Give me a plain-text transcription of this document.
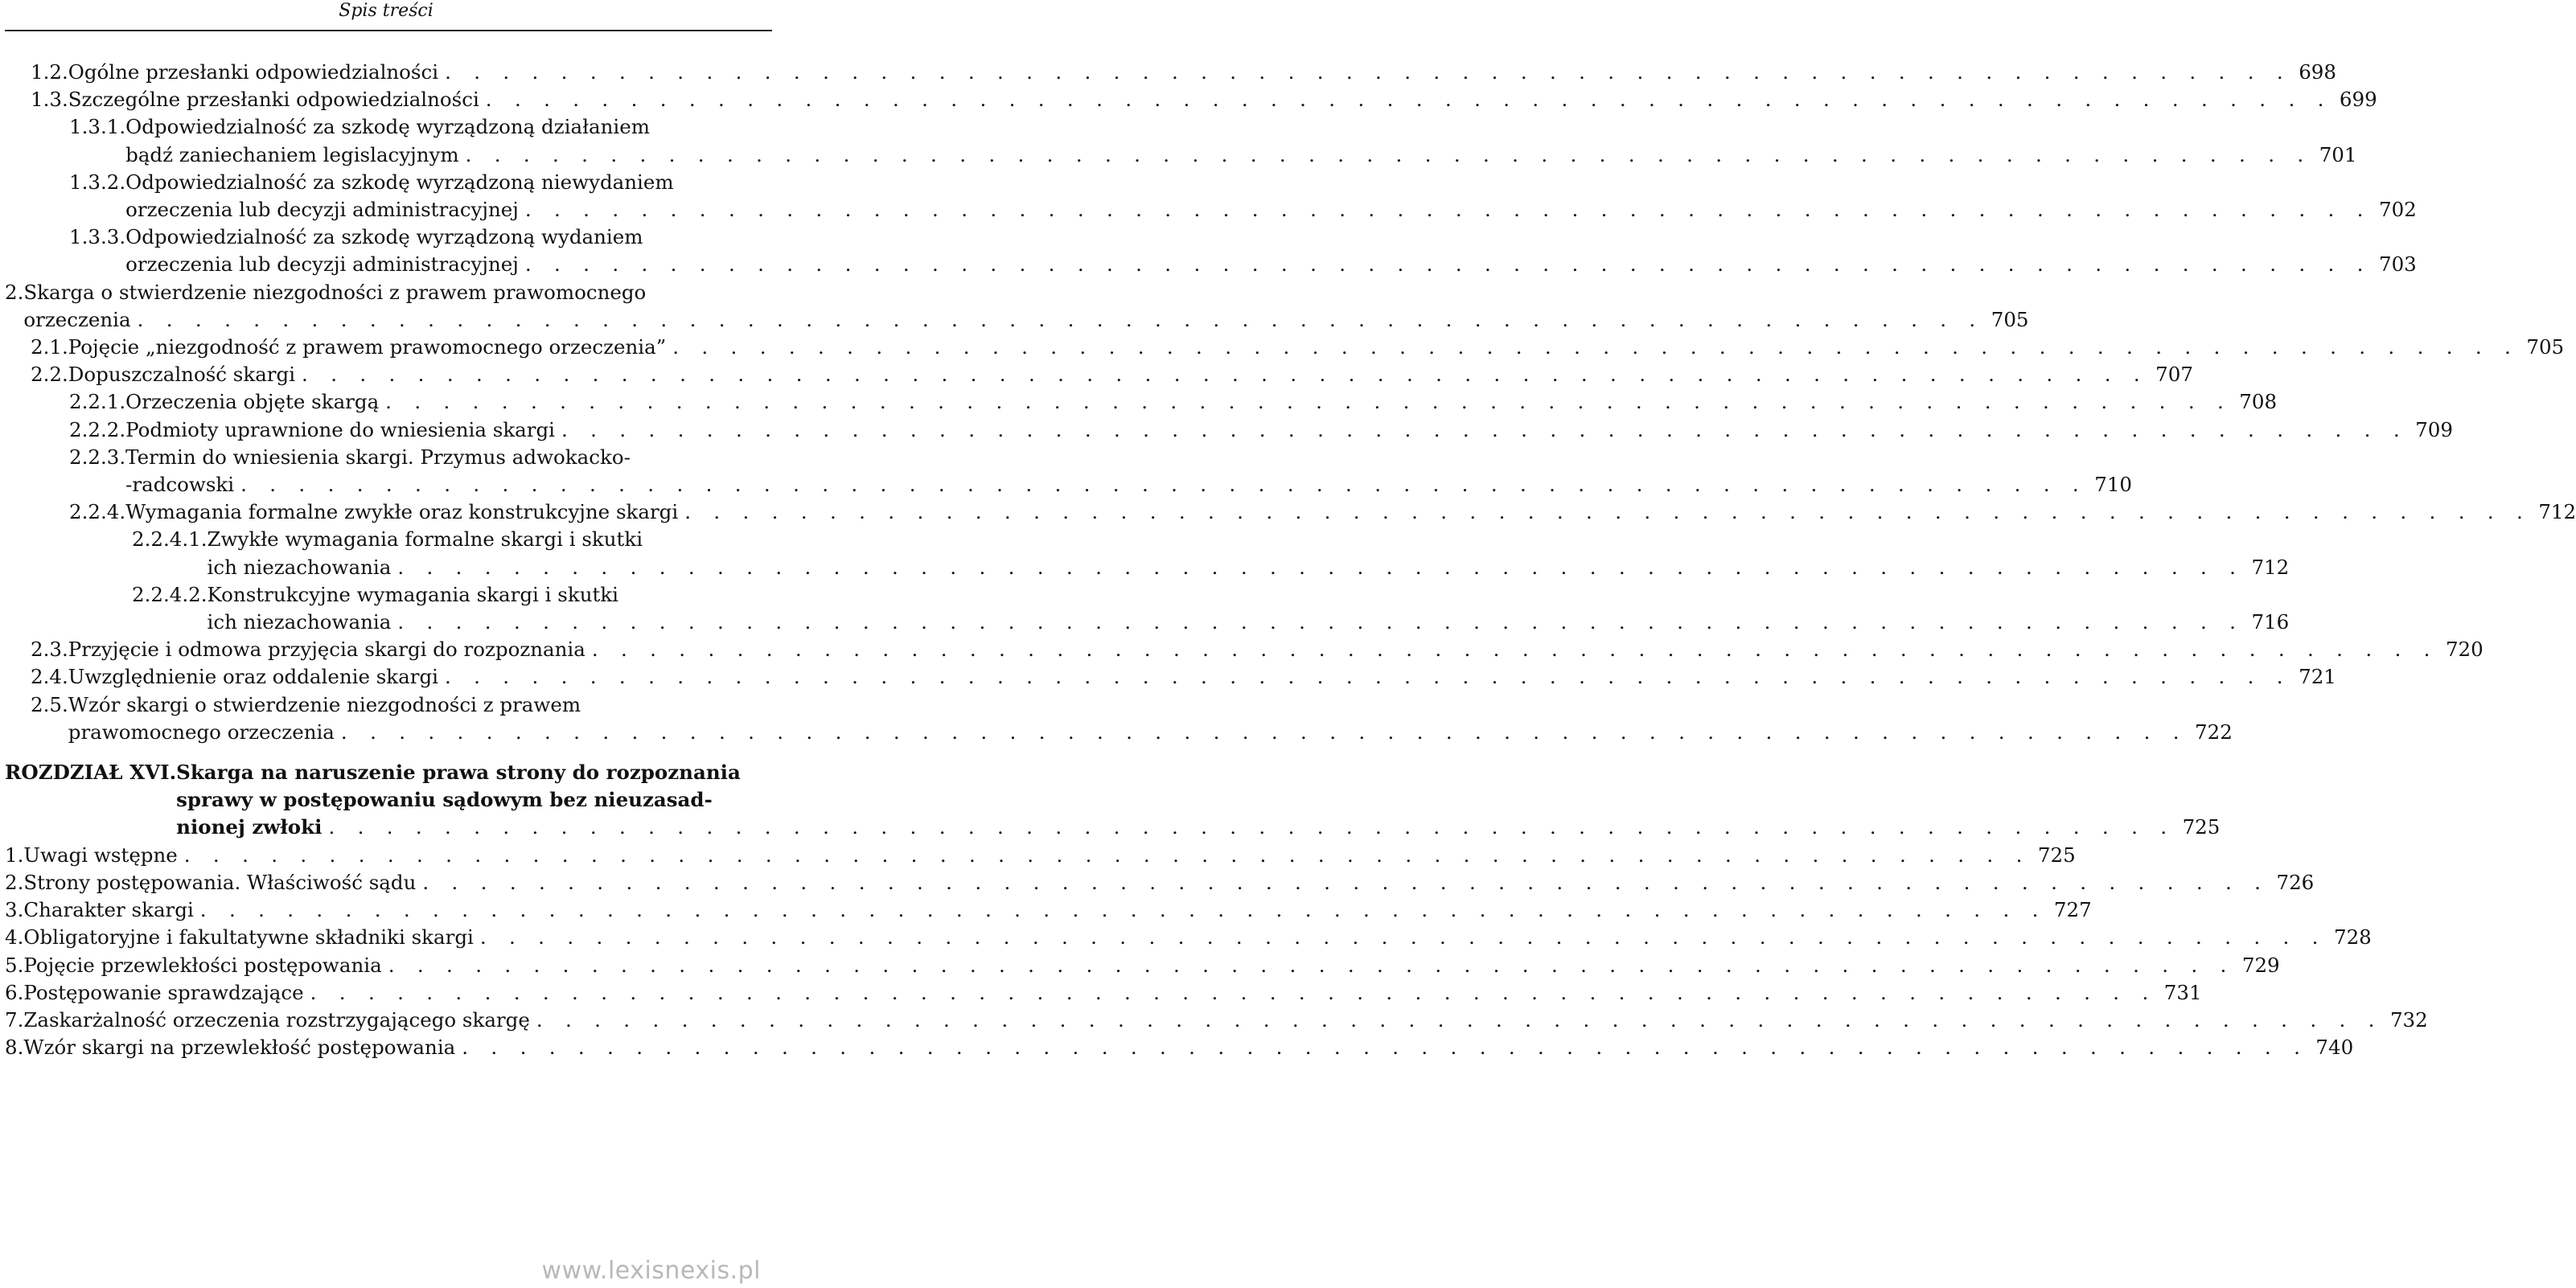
Spis treści
1.2. Ogólne przesłanki odpowiedzialności . . . . . . . . . . . . . . . . . . . . . . . . . . . . . . . . . . . . . . . . . . . . . . . . . . . . . . . . . . . . . . . . 698
1.3. Szczególne przesłanki odpowiedzialności . . . . . . . . . . . . . . . . . . . . . . . . . . . . . . . . . . . . . . . . . . . . . . . . . . . . . . . . . . . . . . . . 699
1.3.1. Odpowiedzialność za szkodę wyrządzoną działaniem
bądź zaniechaniem legislacyjnym . . . . . . . . . . . . . . . . . . . . . . . . . . . . . . . . . . . . . . . . . . . . . . . . . . . . . . . . . . . . . . . . 701
1.3.2. Odpowiedzialność za szkodę wyrządzoną niewydaniem
orzeczenia lub decyzji administracyjnej . . . . . . . . . . . . . . . . . . . . . . . . . . . . . . . . . . . . . . . . . . . . . . . . . . . . . . . . . . . . . . . . 702
1.3.3. Odpowiedzialność za szkodę wyrządzoną wydaniem
orzeczenia lub decyzji administracyjnej . . . . . . . . . . . . . . . . . . . . . . . . . . . . . . . . . . . . . . . . . . . . . . . . . . . . . . . . . . . . . . . . 703
2. Skarga o stwierdzenie niezgodności z prawem prawomocnego
orzeczenia . . . . . . . . . . . . . . . . . . . . . . . . . . . . . . . . . . . . . . . . . . . . . . . . . . . . . . . . . . . . . . . . 705
2.1. Pojęcie „niezgodność z prawem prawomocnego orzeczenia” . . . . . . . . . . . . . . . . . . . . . . . . . . . . . . . . . . . . . . . . . . . . . . . . . . . . . . . . . . . . . . . . 705
2.2. Dopuszczalność skargi . . . . . . . . . . . . . . . . . . . . . . . . . . . . . . . . . . . . . . . . . . . . . . . . . . . . . . . . . . . . . . . . 707
2.2.1. Orzeczenia objęte skargą . . . . . . . . . . . . . . . . . . . . . . . . . . . . . . . . . . . . . . . . . . . . . . . . . . . . . . . . . . . . . . . . 708
2.2.2. Podmioty uprawnione do wniesienia skargi . . . . . . . . . . . . . . . . . . . . . . . . . . . . . . . . . . . . . . . . . . . . . . . . . . . . . . . . . . . . . . . . 709
2.2.3. Termin do wniesienia skargi. Przymus adwokacko-
-radcowski . . . . . . . . . . . . . . . . . . . . . . . . . . . . . . . . . . . . . . . . . . . . . . . . . . . . . . . . . . . . . . . . 710
2.2.4. Wymagania formalne zwykłe oraz konstrukcyjne skargi . . . . . . . . . . . . . . . . . . . . . . . . . . . . . . . . . . . . . . . . . . . . . . . . . . . . . . . . . . . . . . . . 712
2.2.4.1. Zwykłe wymagania formalne skargi i skutki
ich niezachowania . . . . . . . . . . . . . . . . . . . . . . . . . . . . . . . . . . . . . . . . . . . . . . . . . . . . . . . . . . . . . . . . 712
2.2.4.2. Konstrukcyjne wymagania skargi i skutki
ich niezachowania . . . . . . . . . . . . . . . . . . . . . . . . . . . . . . . . . . . . . . . . . . . . . . . . . . . . . . . . . . . . . . . . 716
2.3. Przyjęcie i odmowa przyjęcia skargi do rozpoznania . . . . . . . . . . . . . . . . . . . . . . . . . . . . . . . . . . . . . . . . . . . . . . . . . . . . . . . . . . . . . . . . 720
2.4. Uwzględnienie oraz oddalenie skargi . . . . . . . . . . . . . . . . . . . . . . . . . . . . . . . . . . . . . . . . . . . . . . . . . . . . . . . . . . . . . . . . 721
2.5. Wzór skargi o stwierdzenie niezgodności z prawem
prawomocnego orzeczenia . . . . . . . . . . . . . . . . . . . . . . . . . . . . . . . . . . . . . . . . . . . . . . . . . . . . . . . . . . . . . . . . 722
ROZDZIAŁ XVI. Skarga na naruszenie prawa strony do rozpoznania
sprawy w postępowaniu sądowym bez nieuzasad-
nionej zwłoki . . . . . . . . . . . . . . . . . . . . . . . . . . . . . . . . . . . . . . . . . . . . . . . . . . . . . . . . . . . . . . . . 725
1. Uwagi wstępne . . . . . . . . . . . . . . . . . . . . . . . . . . . . . . . . . . . . . . . . . . . . . . . . . . . . . . . . . . . . . . . . 725
2. Strony postępowania. Właściwość sądu . . . . . . . . . . . . . . . . . . . . . . . . . . . . . . . . . . . . . . . . . . . . . . . . . . . . . . . . . . . . . . . . 726
3. Charakter skargi . . . . . . . . . . . . . . . . . . . . . . . . . . . . . . . . . . . . . . . . . . . . . . . . . . . . . . . . . . . . . . . . 727
4. Obligatoryjne i fakultatywne składniki skargi . . . . . . . . . . . . . . . . . . . . . . . . . . . . . . . . . . . . . . . . . . . . . . . . . . . . . . . . . . . . . . . . 728
5. Pojęcie przewlekłości postępowania . . . . . . . . . . . . . . . . . . . . . . . . . . . . . . . . . . . . . . . . . . . . . . . . . . . . . . . . . . . . . . . . 729
6. Postępowanie sprawdzające . . . . . . . . . . . . . . . . . . . . . . . . . . . . . . . . . . . . . . . . . . . . . . . . . . . . . . . . . . . . . . . . 731
7. Zaskarżalność orzeczenia rozstrzygającego skargę . . . . . . . . . . . . . . . . . . . . . . . . . . . . . . . . . . . . . . . . . . . . . . . . . . . . . . . . . . . . . . . . 732
8. Wzór skargi na przewlekłość postępowania . . . . . . . . . . . . . . . . . . . . . . . . . . . . . . . . . . . . . . . . . . . . . . . . . . . . . . . . . . . . . . . . 740
www.lexisnexis.pl
